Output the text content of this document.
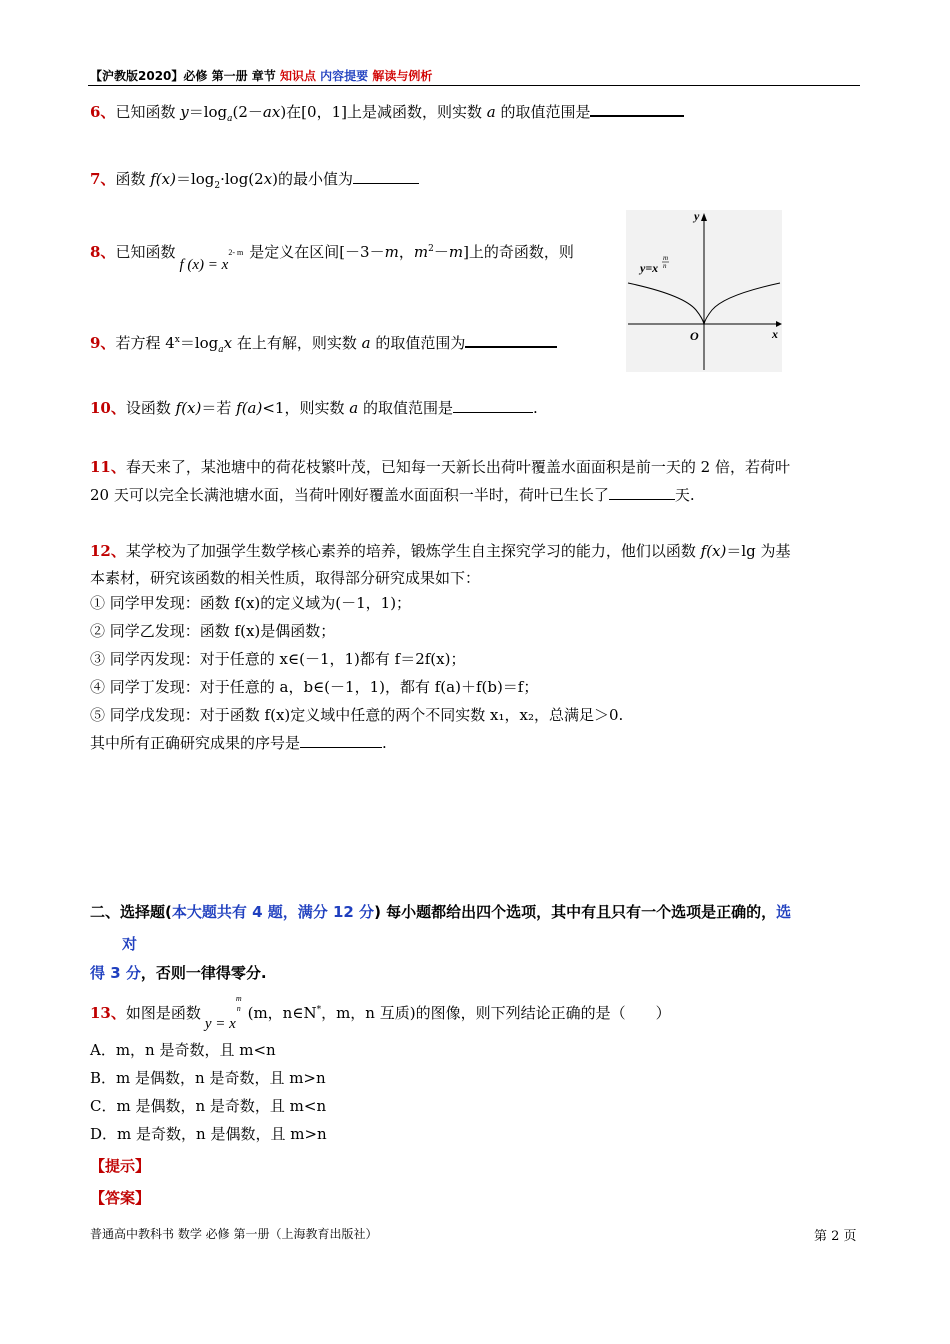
【沪教版2020】必修 第一册 章节 知识点 内容提要 解读与例析
6、已知函数 $y=\log_a(2-ax)$在[0，1]上是减函数，则实数 a 的取值范围是
7、函数 $f(x)=\log_2\cdot\log(2x)$的最小值为
8、已知函数f $(x) = x^{2- m}$ 是定义在区间[－3－m，$m^2-m$]上的奇函数，则
y
x
O
y=x
m
n
9、若方程 $4^x=\log_ax$ 在上有解，则实数 a 的取值范围为
10、设函数 f(x)＝若 f(a)<1，则实数 a 的取值范围是	.
11、春天来了，某池塘中的荷花枝繁叶茂，已知每一天新长出荷叶覆盖水面面积是前一天的 2 倍，若荷叶
20 天可以完全长满池塘水面，当荷叶刚好覆盖水面面积一半时，荷叶已生长了	天.
12、某学校为了加强学生数学核心素养的培养，锻炼学生自主探究学习的能力，他们以函数 f(x)＝lg 为基
本素材，研究该函数的相关性质，取得部分研究成果如下：
① 同学甲发现：函数 f(x)的定义域为(－1，1)；
② 同学乙发现：函数 f(x)是偶函数；
③ 同学丙发现：对于任意的 x∈(－1，1)都有 f＝2f(x)；
④ 同学丁发现：对于任意的 a，b∈(－1，1)，都有 f(a)＋f(b)＝f；
⑤ 同学戊发现：对于函数 f(x)定义域中任意的两个不同实数 x₁，x₂，总满足＞0.
其中所有正确研究成果的序号是	.
二、选择题(本大题共有 4 题，满分 12 分) 每小题都给出四个选项，其中有且只有一个选项是正确的，选
对
得 3 分，否则一律得零分.
13、如图是函数y = x
m
n (m，n∈N*，m，n 互质)的图像，则下列结论正确的是（　　）
A．m，n 是奇数，且 m<n
B．m 是偶数，n 是奇数，且 m>n
C．m 是偶数，n 是奇数，且 m<n
D．m 是奇数，n 是偶数，且 m>n
【提示】
【答案】
普通高中教科书 数学 必修 第一册（上海教育出版社）	第 2 页
